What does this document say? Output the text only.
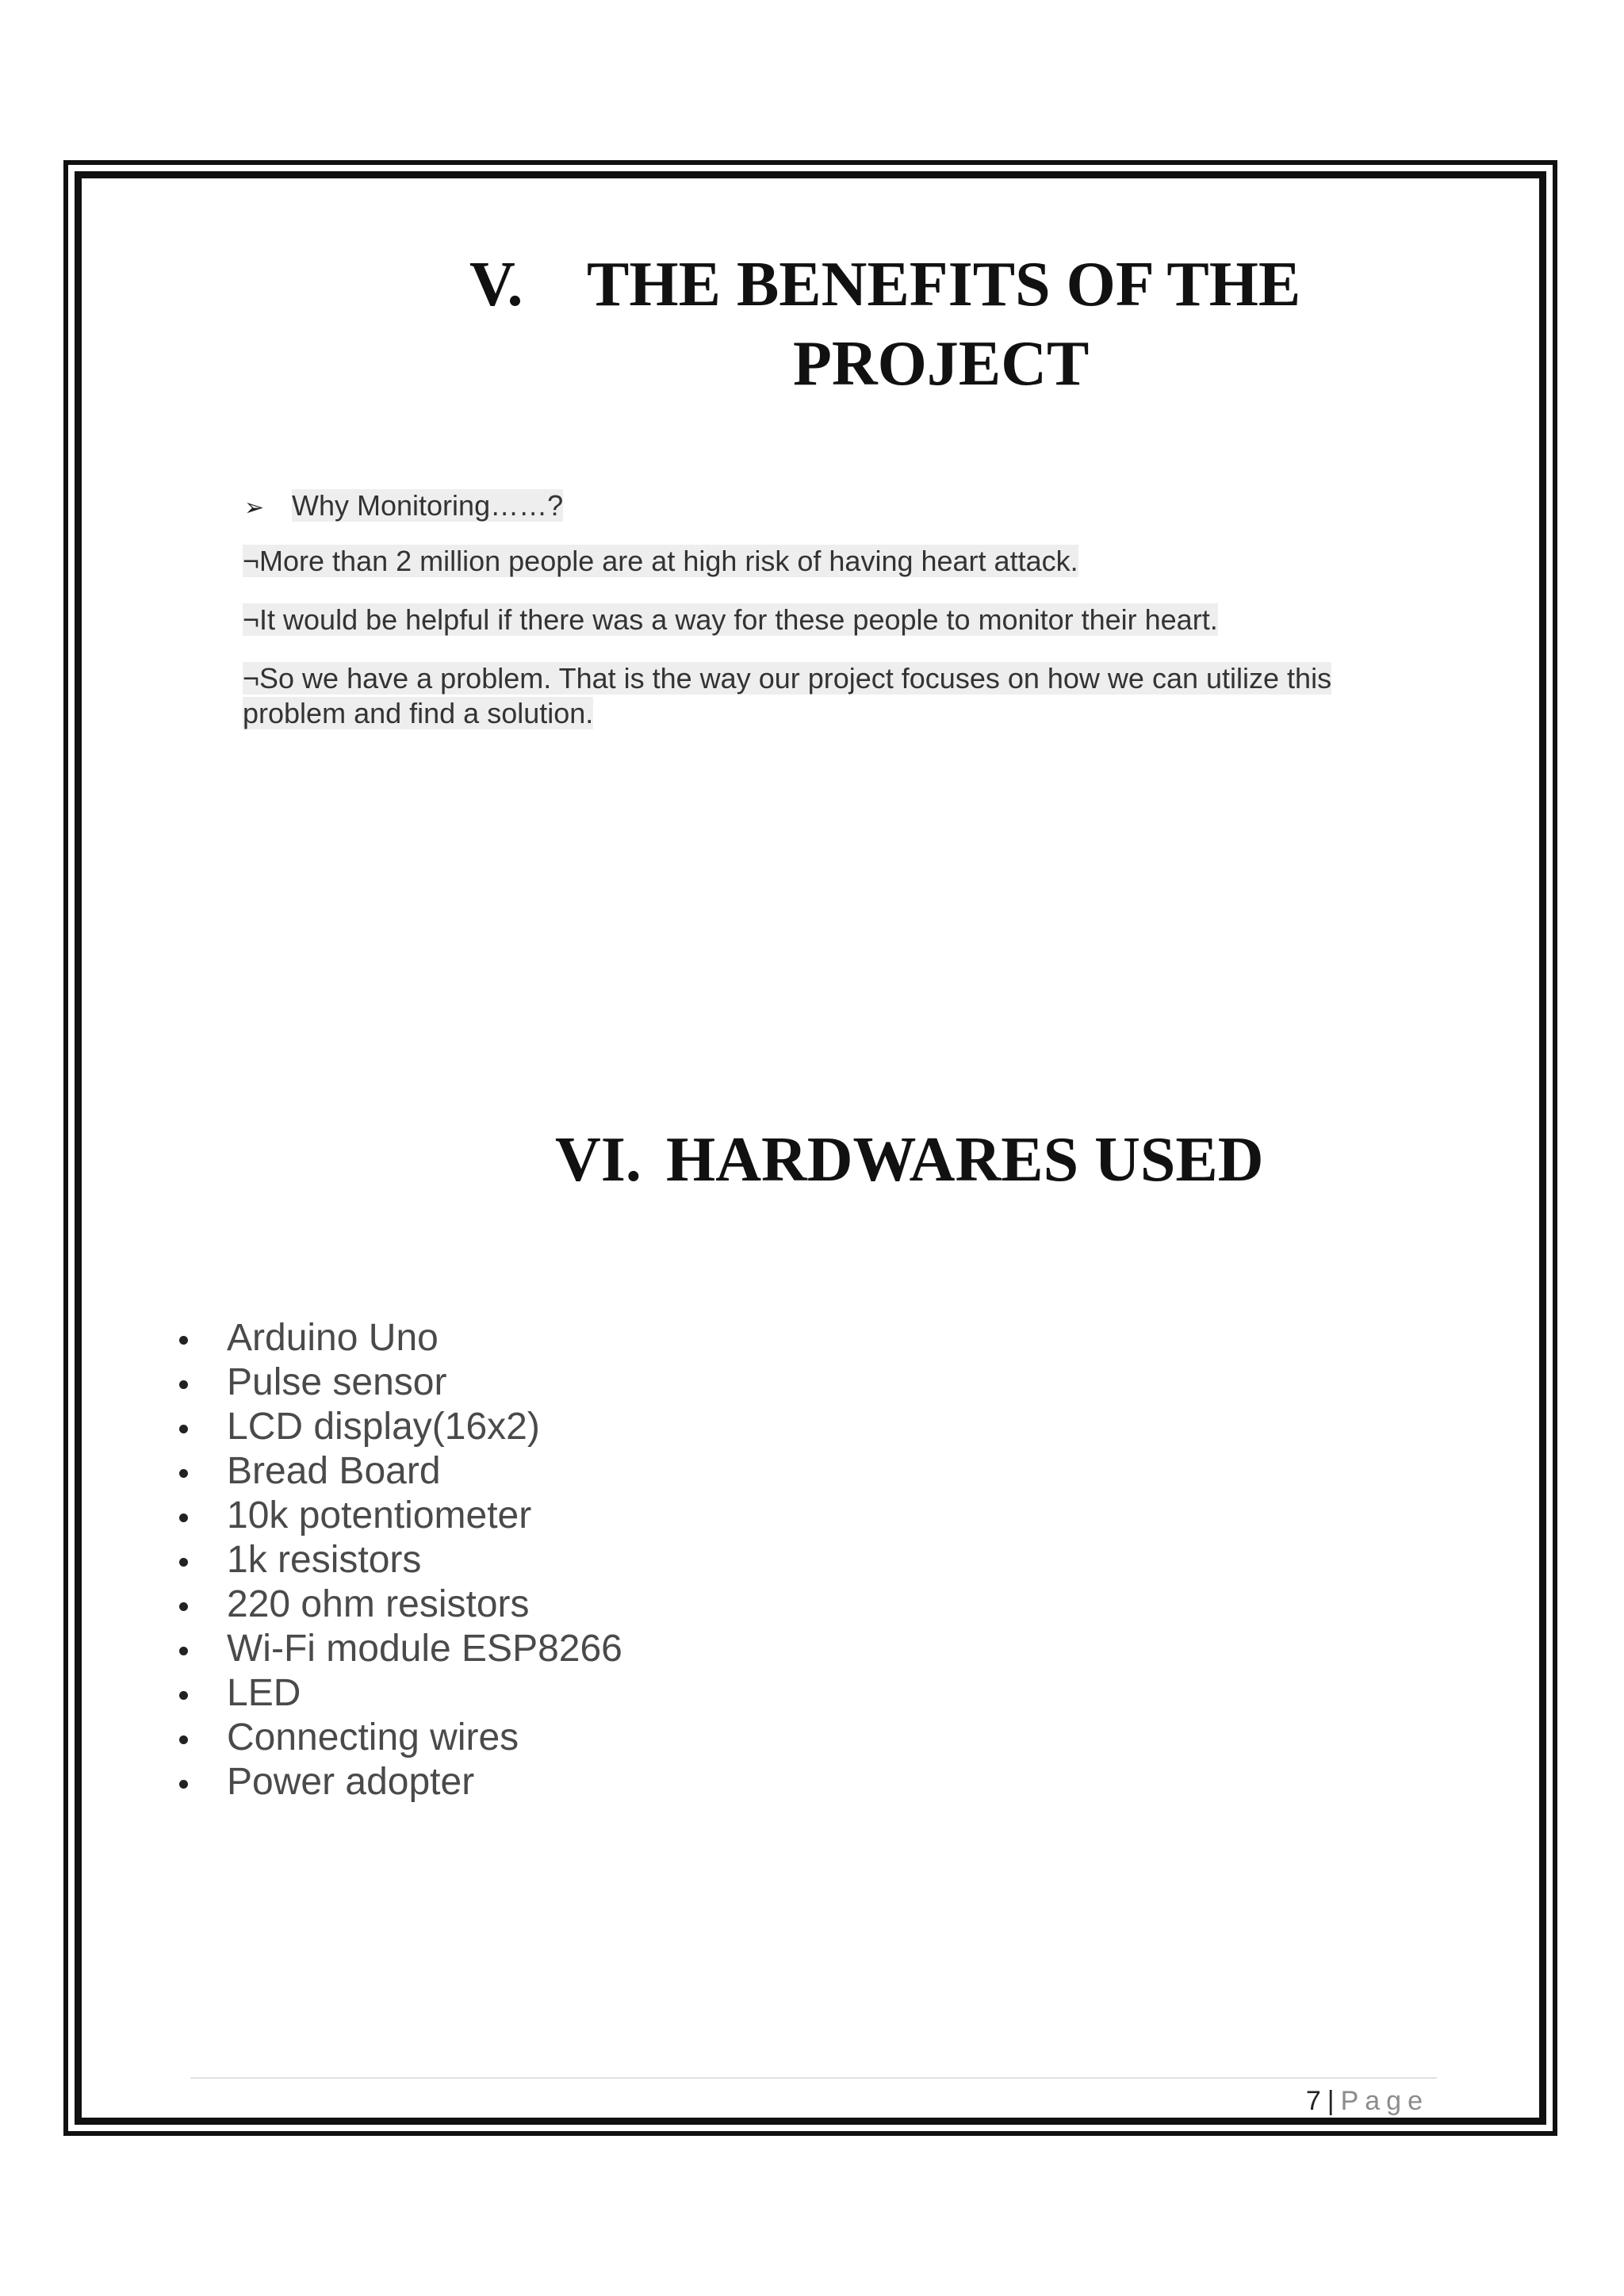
V. THE BENEFITS OF THE
PROJECT
➢ Why Monitoring……?

¬More than 2 million people are at high risk of having heart attack.

¬It would be helpful if there was a way for these people to monitor their heart.

¬So we have a problem. That is the way our project focuses on how we can utilize this problem and find a solution.

VI. HARDWARES USED
Arduino Uno
Pulse sensor
LCD display(16x2)
Bread Board
10k potentiometer
1k resistors
220 ohm resistors
Wi-Fi module ESP8266
LED
Connecting wires
Power adopter
7 | Page
